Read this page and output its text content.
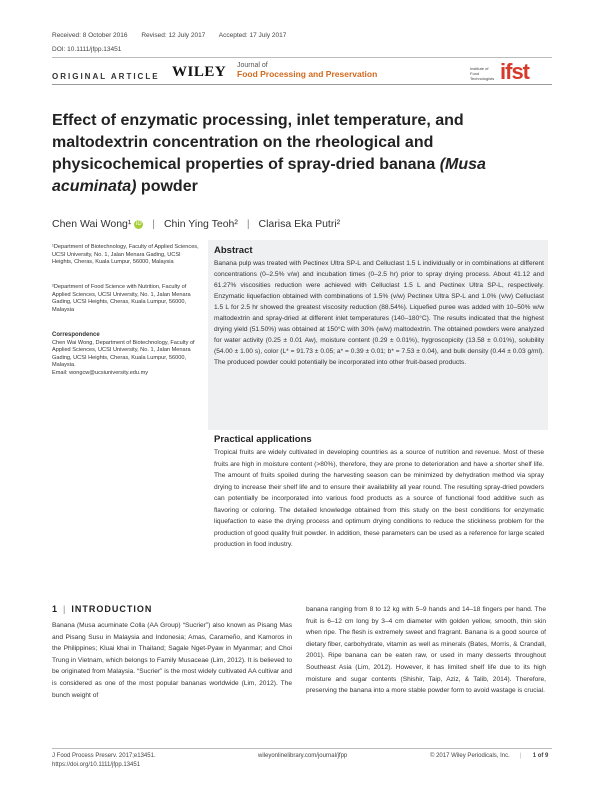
Received: 8 October 2016 Revised: 12 July 2017 Accepted: 17 July 2017
DOI: 10.1111/jfpp.13451
ORIGINAL ARTICLE WILEY Journal of
Food Processing and Preservation
Institute of Food Technologists ifst
Effect of enzymatic processing, inlet temperature, and maltodextrin concentration on the rheological and physicochemical properties of spray-dried banana (Musa acuminata) powder
Chen Wai Wong¹ iD | Chin Ying Teoh² | Clarisa Eka Putri²
¹Department of Biotechnology, Faculty of Applied Sciences, UCSI University, No. 1, Jalan Menara Gading, UCSI Heights, Cheras, Kuala Lumpur, 56000, Malaysia
²Department of Food Science with Nutrition, Faculty of Applied Sciences, UCSI University, No. 1, Jalan Menara Gading, UCSI Heights, Cheras, Kuala Lumpur, 56000, Malaysia
Correspondence
Chen Wai Wong, Department of Biotechnology, Faculty of Applied Sciences, UCSI University, No. 1, Jalan Menara Gading, UCSI Heights, Cheras, Kuala Lumpur, 56000, Malaysia.
Email: wongcw@ucsiuniversity.edu.my
Abstract
Banana pulp was treated with Pectinex Ultra SP-L and Celluclast 1.5 L individually or in combinations at different concentrations (0–2.5% v/w) and incubation times (0–2.5 hr) prior to spray drying process. About 41.12 and 61.27% viscosities reduction were achieved with Celluclast 1.5 L and Pectinex Ultra SP-L, respectively. Enzymatic liquefaction obtained with combinations of 1.5% (v/w) Pectinex Ultra SP-L and 1.0% (v/w) Celluclast 1.5 L for 2.5 hr showed the greatest viscosity reduction (88.54%). Liquefied puree was added with 10–50% w/w maltodextrin and spray-dried at different inlet temperatures (140–180°C). The results indicated that the highest drying yield (51.50%) was obtained at 150°C with 30% (w/w) maltodextrin. The obtained powders were analyzed for water activity (0.25 ± 0.01 Aw), moisture content (0.29 ± 0.01%), hygroscopicity (13.58 ± 0.01%), solubility (54.00 ± 1.00 s), color (L* = 91.73 ± 0.05; a* = 0.39 ± 0.01; b* = 7.53 ± 0.04), and bulk density (0.44 ± 0.03 g/ml). The produced powder could potentially be incorporated into other fruit-based products.
Practical applications
Tropical fruits are widely cultivated in developing countries as a source of nutrition and revenue. Most of these fruits are high in moisture content (>80%), therefore, they are prone to deterioration and have a shorter shelf life. The amount of fruits spoiled during the harvesting season can be minimized by dehydration method via spray drying to increase their shelf life and to ensure their availability all year round. The resulting spray-dried powders can potentially be incorporated into various food products as a source of functional food additive such as flavoring or coloring. The detailed knowledge obtained from this study on the best conditions for enzymatic liquefaction to ease the drying process and optimum drying conditions to reduce the stickiness problem for the production of good quality fruit powder. In addition, these parameters can be used as a reference for large scaled production in food industry.
1 | INTRODUCTION
Banana (Musa acuminate Colla (AA Group) “Sucrier”) also known as Pisang Mas and Pisang Susu in Malaysia and Indonesia; Amas, Carameño, and Kamoros in the Philippines; Kluai khai in Thailand; Sagale Nget-Pyaw in Myanmar; and Choi Trung in Vietnam, which belongs to Family Musaceae (Lim, 2012). It is believed to be originated from Malaysia. “Sucrier” is the most widely cultivated AA cultivar and is considered as one of the most popular bananas worldwide (Lim, 2012). The bunch weight of
banana ranging from 8 to 12 kg with 5–9 hands and 14–18 fingers per hand. The fruit is 6–12 cm long by 3–4 cm diameter with golden yellow, smooth, thin skin when ripe. The flesh is extremely sweet and fragrant. Banana is a good source of dietary fiber, carbohydrate, vitamin as well as minerals (Bates, Morris, & Crandall, 2001). Ripe banana can be eaten raw, or used in many desserts throughout Southeast Asia (Lim, 2012). However, it has limited shelf life due to its high moisture and sugar contents (Shishir, Taip, Aziz, & Talib, 2014). Therefore, preserving the banana into a more stable powder form to avoid wastage is crucial.
J Food Process Preserv. 2017;e13451.
https://doi.org/10.1111/jfpp.13451
wileyonlinelibrary.com/journal/jfpp	© 2017 Wiley Periodicals, Inc. | 1 of 9
